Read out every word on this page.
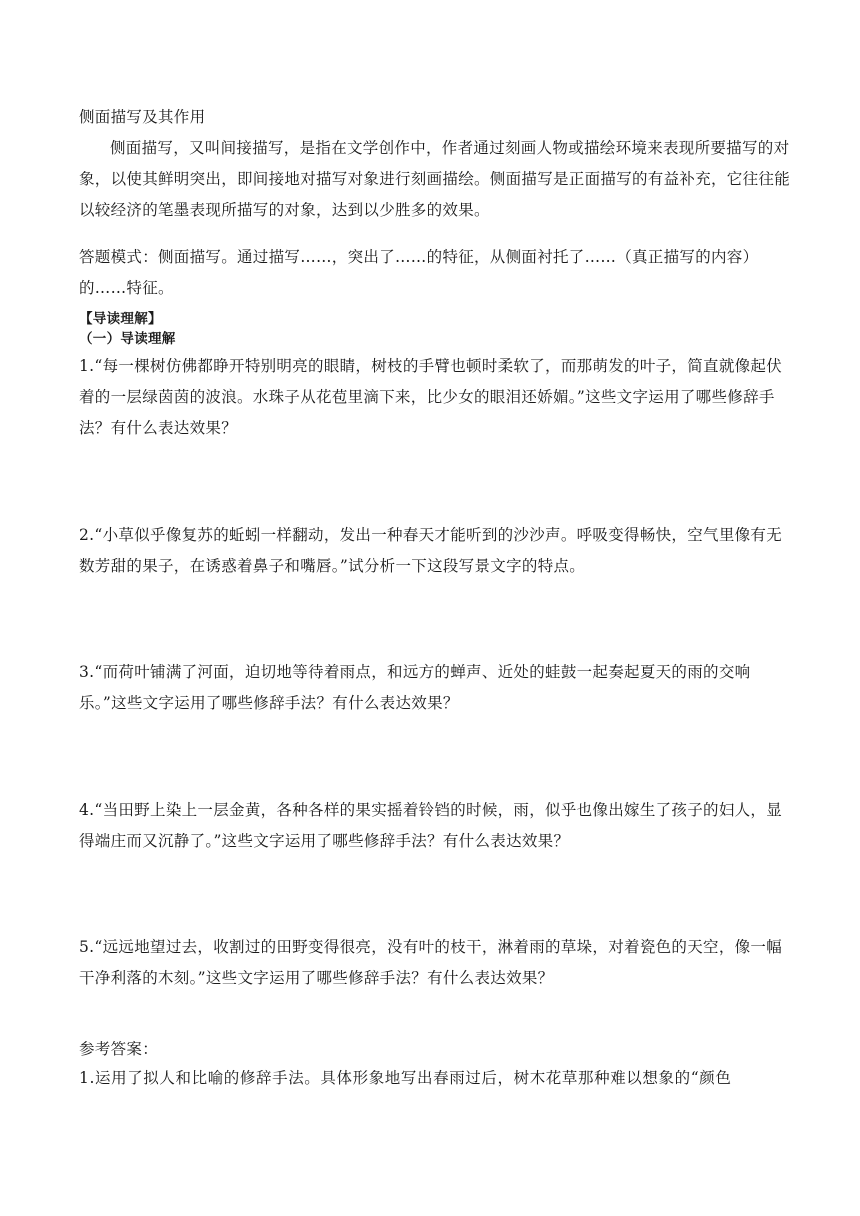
侧面描写及其作用

侧面描写，又叫间接描写，是指在文学创作中，作者通过刻画人物或描绘环境来表现所要描写的对象，以使其鲜明突出，即间接地对描写对象进行刻画描绘。侧面描写是正面描写的有益补充，它往往能以较经济的笔墨表现所描写的对象，达到以少胜多的效果。

答题模式：侧面描写。通过描写……，突出了……的特征，从侧面衬托了……（真正描写的内容）的……特征。

【导读理解】

（一）导读理解

1.“每一棵树仿佛都睁开特别明亮的眼睛，树枝的手臂也顿时柔软了，而那萌发的叶子，简直就像起伏着的一层绿茵茵的波浪。水珠子从花苞里滴下来，比少女的眼泪还娇媚。”这些文字运用了哪些修辞手法？有什么表达效果？

2.“小草似乎像复苏的蚯蚓一样翻动，发出一种春天才能听到的沙沙声。呼吸变得畅快，空气里像有无数芳甜的果子，在诱惑着鼻子和嘴唇。”试分析一下这段写景文字的特点。

3.“而荷叶铺满了河面，迫切地等待着雨点，和远方的蝉声、近处的蛙鼓一起奏起夏天的雨的交响乐。”这些文字运用了哪些修辞手法？有什么表达效果？

4.“当田野上染上一层金黄，各种各样的果实摇着铃铛的时候，雨，似乎也像出嫁生了孩子的妇人，显得端庄而又沉静了。”这些文字运用了哪些修辞手法？有什么表达效果？

5.“远远地望过去，收割过的田野变得很亮，没有叶的枝干，淋着雨的草垛，对着瓷色的天空，像一幅干净利落的木刻。”这些文字运用了哪些修辞手法？有什么表达效果？

参考答案：

1.运用了拟人和比喻的修辞手法。具体形象地写出春雨过后，树木花草那种难以想象的“颜色
